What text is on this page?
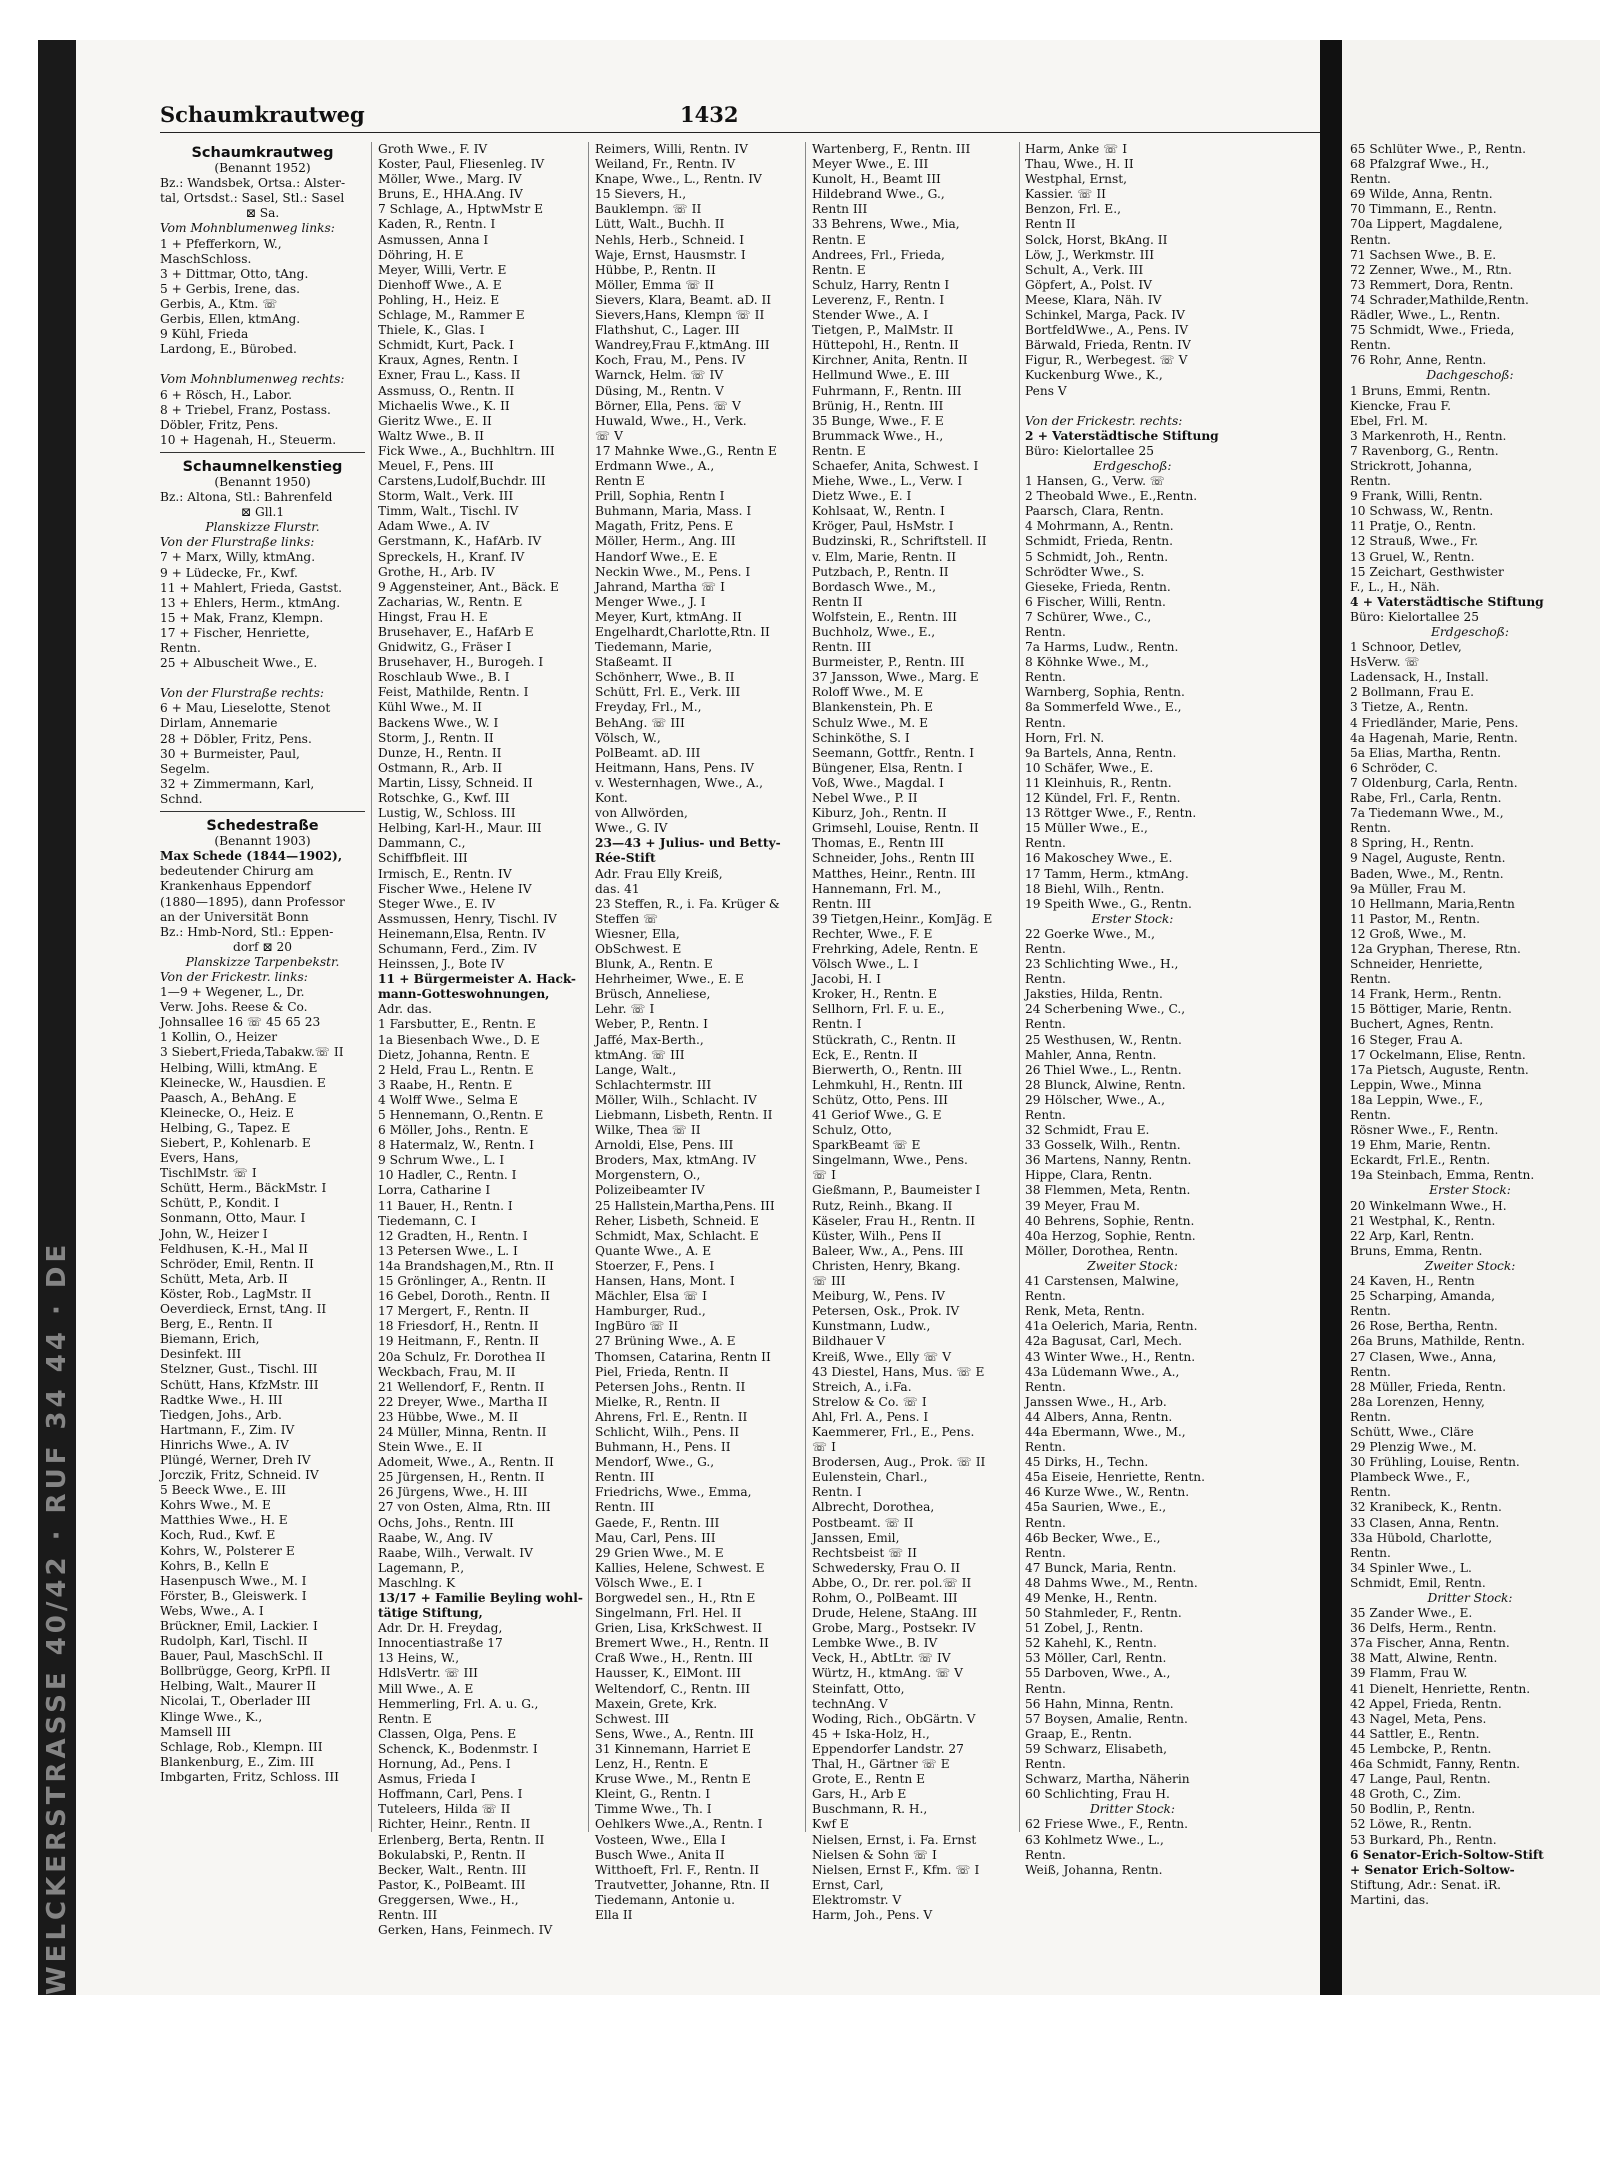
WELCKERSTRASSE 40/42 · RUF 34 44 · DE
Schaumkrautweg	1432
Schaumkrautweg
(Benannt 1952)
Bz.: Wandsbek, Ortsa.: Alster-
tal, Ortsdst.: Sasel, Stl.: Sasel
⊠ Sa.
Vom Mohnblumenweg links:
1 + Pfefferkorn, W.,
MaschSchloss.
3 + Dittmar, Otto, tAng.
5 + Gerbis, Irene, das.
Gerbis, A., Ktm. ☏
Gerbis, Ellen, ktmAng.
9 Kühl, Frieda
Lardong, E., Bürobed.
Vom Mohnblumenweg rechts:
6 + Rösch, H., Labor.
8 + Triebel, Franz, Postass.
Döbler, Fritz, Pens.
10 + Hagenah, H., Steuerm.
Schaumnelkenstieg
(Benannt 1950)
Bz.: Altona, Stl.: Bahrenfeld
⊠ Gll.1
Planskizze Flurstr.
Von der Flurstraße links:
7 + Marx, Willy, ktmAng.
9 + Lüdecke, Fr., Kwf.
11 + Mahlert, Frieda, Gastst.
13 + Ehlers, Herm., ktmAng.
15 + Mak, Franz, Klempn.
17 + Fischer, Henriette,
Rentn.
25 + Albuscheit Wwe., E.
Von der Flurstraße rechts:
6 + Mau, Lieselotte, Stenot
Dirlam, Annemarie
28 + Döbler, Fritz, Pens.
30 + Burmeister, Paul,
Segelm.
32 + Zimmermann, Karl,
Schnd.
Schedestraße
(Benannt 1903)
Max Schede (1844—1902),
bedeutender Chirurg am
Krankenhaus Eppendorf
(1880—1895), dann Professor
an der Universität Bonn
Bz.: Hmb-Nord, Stl.: Eppen-
dorf ⊠ 20
Planskizze Tarpenbekstr.
Von der Frickestr. links:
1—9 + Wegener, L., Dr.
Verw. Johs. Reese & Co.
Johnsallee 16 ☏ 45 65 23
1 Kollin, O., Heizer
3 Siebert,Frieda,Tabakw.☏ II
Helbing, Willi, ktmAng. E
Kleinecke, W., Hausdien. E
Paasch, A., BehAng. E
Kleinecke, O., Heiz. E
Helbing, G., Tapez. E
Siebert, P., Kohlenarb. E
Evers, Hans,
TischlMstr. ☏ I
Schütt, Herm., BäckMstr. I
Schütt, P., Kondit. I
Sonmann, Otto, Maur. I
John, W., Heizer I
Feldhusen, K.-H., Mal II
Schröder, Emil, Rentn. II
Schütt, Meta, Arb. II
Köster, Rob., LagMstr. II
Oeverdieck, Ernst, tAng. II
Berg, E., Rentn. II
Biemann, Erich,
Desinfekt. III
Stelzner, Gust., Tischl. III
Schütt, Hans, KfzMstr. III
Radtke Wwe., H. III
Tiedgen, Johs., Arb.
Hartmann, F., Zim. IV
Hinrichs Wwe., A. IV
Plüngé, Werner, Dreh IV
Jorczik, Fritz, Schneid. IV
5 Beeck Wwe., E. III
Kohrs Wwe., M. E
Matthies Wwe., H. E
Koch, Rud., Kwf. E
Kohrs, W., Polsterer E
Kohrs, B., Kelln E
Hasenpusch Wwe., M. I
Förster, B., Gleiswerk. I
Webs, Wwe., A. I
Brückner, Emil, Lackier. I
Rudolph, Karl, Tischl. II
Bauer, Paul, MaschSchl. II
Bollbrügge, Georg, KrPfl. II
Helbing, Walt., Maurer II
Nicolai, T., Oberlader III
Klinge Wwe., K.,
Mamsell III
Schlage, Rob., Klempn. III
Blankenburg, E., Zim. III
Imbgarten, Fritz, Schloss. III
Groth Wwe., F. IV
Koster, Paul, Fliesenleg. IV
Möller, Wwe., Marg. IV
Bruns, E., HHA.Ang. IV
7 Schlage, A., HptwMstr E
Kaden, R., Rentn. I
Asmussen, Anna I
Döhring, H. E
Meyer, Willi, Vertr. E
Dienhoff Wwe., A. E
Pohling, H., Heiz. E
Schlage, M., Rammer E
Thiele, K., Glas. I
Schmidt, Kurt, Pack. I
Kraux, Agnes, Rentn. I
Exner, Frau L., Kass. II
Assmuss, O., Rentn. II
Michaelis Wwe., K. II
Gieritz Wwe., E. II
Waltz Wwe., B. II
Fick Wwe., A., Buchhltrn. III
Meuel, F., Pens. III
Carstens,Ludolf,Buchdr. III
Storm, Walt., Verk. III
Timm, Walt., Tischl. IV
Adam Wwe., A. IV
Gerstmann, K., HafArb. IV
Spreckels, H., Kranf. IV
Grothe, H., Arb. IV
9 Aggensteiner, Ant., Bäck. E
Zacharias, W., Rentn. E
Hingst, Frau H. E
Brusehaver, E., HafArb E
Gnidwitz, G., Fräser I
Brusehaver, H., Burogeh. I
Roschlaub Wwe., B. I
Feist, Mathilde, Rentn. I
Kühl Wwe., M. II
Backens Wwe., W. I
Storm, J., Rentn. II
Dunze, H., Rentn. II
Ostmann, R., Arb. II
Martin, Lissy, Schneid. II
Rotschke, G., Kwf. III
Lustig, W., Schloss. III
Helbing, Karl-H., Maur. III
Dammann, C.,
Schiffbfleit. III
Irmisch, E., Rentn. IV
Fischer Wwe., Helene IV
Steger Wwe., E. IV
Assmussen, Henry, Tischl. IV
Heinemann,Elsa, Rentn. IV
Schumann, Ferd., Zim. IV
Heinssen, J., Bote IV
11 + Bürgermeister A. Hack-
mann-Gotteswohnungen,
Adr. das.
1 Farsbutter, E., Rentn. E
1a Biesenbach Wwe., D. E
Dietz, Johanna, Rentn. E
2 Held, Frau L., Rentn. E
3 Raabe, H., Rentn. E
4 Wolff Wwe., Selma E
5 Hennemann, O.,Rentn. E
6 Möller, Johs., Rentn. E
8 Hatermalz, W., Rentn. I
9 Schrum Wwe., L. I
10 Hadler, C., Rentn. I
Lorra, Catharine I
11 Bauer, H., Rentn. I
Tiedemann, C. I
12 Gradten, H., Rentn. I
13 Petersen Wwe., L. I
14a Brandshagen,M., Rtn. II
15 Grönlinger, A., Rentn. II
16 Gebel, Doroth., Rentn. II
17 Mergert, F., Rentn. II
18 Friesdorf, H., Rentn. II
19 Heitmann, F., Rentn. II
20a Schulz, Fr. Dorothea II
Weckbach, Frau, M. II
21 Wellendorf, F., Rentn. II
22 Dreyer, Wwe., Martha II
23 Hübbe, Wwe., M. II
24 Müller, Minna, Rentn. II
Stein Wwe., E. II
Adomeit, Wwe., A., Rentn. II
25 Jürgensen, H., Rentn. II
26 Jürgens, Wwe., H. III
27 von Osten, Alma, Rtn. III
Ochs, Johs., Rentn. III
Raabe, W., Ang. IV
Raabe, Wilh., Verwalt. IV
Lagemann, P.,
Maschlng. K
13/17 + Familie Beyling wohl-
tätige Stiftung,
Adr. Dr. H. Freydag,
Innocentiastraße 17
13 Heins, W.,
HdlsVertr. ☏ III
Mill Wwe., A. E
Hemmerling, Frl. A. u. G.,
Rentn. E
Classen, Olga, Pens. E
Schenck, K., Bodenmstr. I
Hornung, Ad., Pens. I
Asmus, Frieda I
Hoffmann, Carl, Pens. I
Tuteleers, Hilda ☏ II
Richter, Heinr., Rentn. II
Erlenberg, Berta, Rentn. II
Bokulabski, P., Rentn. II
Becker, Walt., Rentn. III
Pastor, K., PolBeamt. III
Greggersen, Wwe., H.,
Rentn. III
Gerken, Hans, Feinmech. IV
Reimers, Willi, Rentn. IV
Weiland, Fr., Rentn. IV
Knape, Wwe., L., Rentn. IV
15 Sievers, H.,
Bauklempn. ☏ II
Lütt, Walt., Buchh. II
Nehls, Herb., Schneid. I
Waje, Ernst, Hausmstr. I
Hübbe, P., Rentn. II
Möller, Emma ☏ II
Sievers, Klara, Beamt. aD. II
Sievers,Hans, Klempn ☏ II
Flathshut, C., Lager. III
Wandrey,Frau F.,ktmAng. III
Koch, Frau, M., Pens. IV
Warnck, Helm. ☏ IV
Düsing, M., Rentn. V
Börner, Ella, Pens. ☏ V
Huwald, Wwe., H., Verk.
☏ V
17 Mahnke Wwe.,G., Rentn E
Erdmann Wwe., A.,
Rentn E
Prill, Sophia, Rentn I
Buhmann, Maria, Mass. I
Magath, Fritz, Pens. E
Möller, Herm., Ang. III
Handorf Wwe., E. E
Neckin Wwe., M., Pens. I
Jahrand, Martha ☏ I
Menger Wwe., J. I
Meyer, Kurt, ktmAng. II
Engelhardt,Charlotte,Rtn. II
Tiedemann, Marie,
Staßeamt. II
Schönherr, Wwe., B. II
Schütt, Frl. E., Verk. III
Freyday, Frl., M.,
BehAng. ☏ III
Völsch, W.,
PolBeamt. aD. III
Heitmann, Hans, Pens. IV
v. Westernhagen, Wwe., A.,
Kont.
von Allwörden,
Wwe., G. IV
23—43 + Julius- und Betty-
Rée-Stift
Adr. Frau Elly Kreiß,
das. 41
23 Steffen, R., i. Fa. Krüger &
Steffen ☏
Wiesner, Ella,
ObSchwest. E
Blunk, A., Rentn. E
Hehrheimer, Wwe., E. E
Brüsch, Anneliese,
Lehr. ☏ I
Weber, P., Rentn. I
Jaffé, Max-Berth.,
ktmAng. ☏ III
Lange, Walt.,
Schlachtermstr. III
Möller, Wilh., Schlacht. IV
Liebmann, Lisbeth, Rentn. II
Wilke, Thea ☏ II
Arnoldi, Else, Pens. III
Broders, Max, ktmAng. IV
Morgenstern, O.,
Polizeibeamter IV
25 Hallstein,Martha,Pens. III
Reher, Lisbeth, Schneid. E
Schmidt, Max, Schlacht. E
Quante Wwe., A. E
Stoerzer, F., Pens. I
Hansen, Hans, Mont. I
Mächler, Elsa ☏ I
Hamburger, Rud.,
IngBüro ☏ II
27 Brüning Wwe., A. E
Thomsen, Catarina, Rentn II
Piel, Frieda, Rentn. II
Petersen Johs., Rentn. II
Mielke, R., Rentn. II
Ahrens, Frl. E., Rentn. II
Schlicht, Wilh., Pens. II
Buhmann, H., Pens. II
Mendorf, Wwe., G.,
Rentn. III
Friedrichs, Wwe., Emma,
Rentn. III
Gaede, F., Rentn. III
Mau, Carl, Pens. III
29 Grien Wwe., M. E
Kallies, Helene, Schwest. E
Völsch Wwe., E. I
Borgwedel sen., H., Rtn E
Singelmann, Frl. Hel. II
Grien, Lisa, KrkSchwest. II
Bremert Wwe., H., Rentn. II
Craß Wwe., H., Rentn. III
Hausser, K., ElMont. III
Weltendorf, C., Rentn. III
Maxein, Grete, Krk.
Schwest. III
Sens, Wwe., A., Rentn. III
31 Kinnemann, Harriet E
Lenz, H., Rentn. E
Kruse Wwe., M., Rentn E
Kleint, G., Rentn. I
Timme Wwe., Th. I
Oehlkers Wwe.,A., Rentn. I
Vosteen, Wwe., Ella I
Busch Wwe., Anita II
Witthoeft, Frl. F., Rentn. II
Trautvetter, Johanne, Rtn. II
Tiedemann, Antonie u.
Ella II
Wartenberg, F., Rentn. III
Meyer Wwe., E. III
Kunolt, H., Beamt III
Hildebrand Wwe., G.,
Rentn III
33 Behrens, Wwe., Mia,
Rentn. E
Andrees, Frl., Frieda,
Rentn. E
Schulz, Harry, Rentn I
Leverenz, F., Rentn. I
Stender Wwe., A. I
Tietgen, P., MalMstr. II
Hüttepohl, H., Rentn. II
Kirchner, Anita, Rentn. II
Hellmund Wwe., E. III
Fuhrmann, F., Rentn. III
Brünig, H., Rentn. III
35 Bunge, Wwe., F. E
Brummack Wwe., H.,
Rentn. E
Schaefer, Anita, Schwest. I
Miehe, Wwe., L., Verw. I
Dietz Wwe., E. I
Kohlsaat, W., Rentn. I
Kröger, Paul, HsMstr. I
Budzinski, R., Schriftstell. II
v. Elm, Marie, Rentn. II
Putzbach, P., Rentn. II
Bordasch Wwe., M.,
Rentn II
Wolfstein, E., Rentn. III
Buchholz, Wwe., E.,
Rentn. III
Burmeister, P., Rentn. III
37 Jansson, Wwe., Marg. E
Roloff Wwe., M. E
Blankenstein, Ph. E
Schulz Wwe., M. E
Schinköthe, S. I
Seemann, Gottfr., Rentn. I
Büngener, Elsa, Rentn. I
Voß, Wwe., Magdal. I
Nebel Wwe., P. II
Kiburz, Joh., Rentn. II
Grimsehl, Louise, Rentn. II
Thomas, E., Rentn III
Schneider, Johs., Rentn III
Matthes, Heinr., Rentn. III
Hannemann, Frl. M.,
Rentn. III
39 Tietgen,Heinr., KomJäg. E
Rechter, Wwe., F. E
Frehrking, Adele, Rentn. E
Völsch Wwe., L. I
Jacobi, H. I
Kroker, H., Rentn. E
Sellhorn, Frl. F. u. E.,
Rentn. I
Stückrath, C., Rentn. II
Eck, E., Rentn. II
Bierwerth, O., Rentn. III
Lehmkuhl, H., Rentn. III
Schütz, Otto, Pens. III
41 Geriof Wwe., G. E
Schulz, Otto,
SparkBeamt ☏ E
Singelmann, Wwe., Pens.
☏ I
Gießmann, P., Baumeister I
Rutz, Reinh., Bkang. II
Käseler, Frau H., Rentn. II
Küster, Wilh., Pens II
Baleer, Ww., A., Pens. III
Christen, Henry, Bkang.
☏ III
Meiburg, W., Pens. IV
Petersen, Osk., Prok. IV
Kunstmann, Ludw.,
Bildhauer V
Kreiß, Wwe., Elly ☏ V
43 Diestel, Hans, Mus. ☏ E
Streich, A., i.Fa.
Strelow & Co. ☏ I
Ahl, Frl. A., Pens. I
Kaemmerer, Frl., E., Pens.
☏ I
Brodersen, Aug., Prok. ☏ II
Eulenstein, Charl.,
Rentn. I
Albrecht, Dorothea,
Postbeamt. ☏ II
Janssen, Emil,
Rechtsbeist ☏ II
Schwedersky, Frau O. II
Abbe, O., Dr. rer. pol.☏ II
Rohm, O., PolBeamt. III
Drude, Helene, StaAng. III
Grobe, Marg., Postsekr. IV
Lembke Wwe., B. IV
Veck, H., AbtLtr. ☏ IV
Würtz, H., ktmAng. ☏ V
Steinfatt, Otto,
technAng. V
Woding, Rich., ObGärtn. V
45 + Iska-Holz, H.,
Eppendorfer Landstr. 27
Thal, H., Gärtner ☏ E
Grote, E., Rentn E
Gars, H., Arb E
Buschmann, R. H.,
Kwf E
Nielsen, Ernst, i. Fa. Ernst
Nielsen & Sohn ☏ I
Nielsen, Ernst F., Kfm. ☏ I
Ernst, Carl,
Elektromstr. V
Harm, Joh., Pens. V
Harm, Anke ☏ I
Thau, Wwe., H. II
Westphal, Ernst,
Kassier. ☏ II
Benzon, Frl. E.,
Rentn II
Solck, Horst, BkAng. II
Löw, J., Werkmstr. III
Schult, A., Verk. III
Göpfert, A., Polst. IV
Meese, Klara, Näh. IV
Schinkel, Marga, Pack. IV
BortfeldWwe., A., Pens. IV
Bärwald, Frieda, Rentn. IV
Figur, R., Werbegest. ☏ V
Kuckenburg Wwe., K.,
Pens V
Von der Frickestr. rechts:
2 + Vaterstädtische Stiftung
Büro: Kielortallee 25
Erdgeschoß:
1 Hansen, G., Verw. ☏
2 Theobald Wwe., E.,Rentn.
Paarsch, Clara, Rentn.
4 Mohrmann, A., Rentn.
Schmidt, Frieda, Rentn.
5 Schmidt, Joh., Rentn.
Schrödter Wwe., S.
Gieseke, Frieda, Rentn.
6 Fischer, Willi, Rentn.
7 Schürer, Wwe., C.,
Rentn.
7a Harms, Ludw., Rentn.
8 Köhnke Wwe., M.,
Rentn.
Warnberg, Sophia, Rentn.
8a Sommerfeld Wwe., E.,
Rentn.
Horn, Frl. N.
9a Bartels, Anna, Rentn.
10 Schäfer, Wwe., E.
11 Kleinhuis, R., Rentn.
12 Kündel, Frl. F., Rentn.
13 Röttger Wwe., F., Rentn.
15 Müller Wwe., E.,
Rentn.
16 Makoschey Wwe., E.
17 Tamm, Herm., ktmAng.
18 Biehl, Wilh., Rentn.
19 Speith Wwe., G., Rentn.
Erster Stock:
22 Goerke Wwe., M.,
Rentn.
23 Schlichting Wwe., H.,
Rentn.
Jaksties, Hilda, Rentn.
24 Scherbening Wwe., C.,
Rentn.
25 Westhusen, W., Rentn.
Mahler, Anna, Rentn.
26 Thiel Wwe., L., Rentn.
28 Blunck, Alwine, Rentn.
29 Hölscher, Wwe., A.,
Rentn.
32 Schmidt, Frau E.
33 Gosselk, Wilh., Rentn.
36 Martens, Nanny, Rentn.
Hippe, Clara, Rentn.
38 Flemmen, Meta, Rentn.
39 Meyer, Frau M.
40 Behrens, Sophie, Rentn.
40a Herzog, Sophie, Rentn.
Möller, Dorothea, Rentn.
Zweiter Stock:
41 Carstensen, Malwine,
Rentn.
Renk, Meta, Rentn.
41a Oelerich, Maria, Rentn.
42a Bagusat, Carl, Mech.
43 Winter Wwe., H., Rentn.
43a Lüdemann Wwe., A.,
Rentn.
Janssen Wwe., H., Arb.
44 Albers, Anna, Rentn.
44a Ebermann, Wwe., M.,
Rentn.
45 Dirks, H., Techn.
45a Eiseie, Henriette, Rentn.
46 Kurze Wwe., W., Rentn.
45a Saurien, Wwe., E.,
Rentn.
46b Becker, Wwe., E.,
Rentn.
47 Bunck, Maria, Rentn.
48 Dahms Wwe., M., Rentn.
49 Menke, H., Rentn.
50 Stahmleder, F., Rentn.
51 Zobel, J., Rentn.
52 Kahehl, K., Rentn.
53 Möller, Carl, Rentn.
55 Darboven, Wwe., A.,
Rentn.
56 Hahn, Minna, Rentn.
57 Boysen, Amalie, Rentn.
Graap, E., Rentn.
59 Schwarz, Elisabeth,
Rentn.
Schwarz, Martha, Näherin
60 Schlichting, Frau H.
Dritter Stock:
62 Friese Wwe., F., Rentn.
63 Kohlmetz Wwe., L.,
Rentn.
Weiß, Johanna, Rentn.
65 Schlüter Wwe., P., Rentn.
68 Pfalzgraf Wwe., H.,
Rentn.
69 Wilde, Anna, Rentn.
70 Timmann, E., Rentn.
70a Lippert, Magdalene,
Rentn.
71 Sachsen Wwe., B. E.
72 Zenner, Wwe., M., Rtn.
73 Remmert, Dora, Rentn.
74 Schrader,Mathilde,Rentn.
Rädler, Wwe., L., Rentn.
75 Schmidt, Wwe., Frieda,
Rentn.
76 Rohr, Anne, Rentn.
Dachgeschoß:
1 Bruns, Emmi, Rentn.
Kiencke, Frau F.
Ebel, Frl. M.
3 Markenroth, H., Rentn.
7 Ravenborg, G., Rentn.
Strickrott, Johanna,
Rentn.
9 Frank, Willi, Rentn.
10 Schwass, W., Rentn.
11 Pratje, O., Rentn.
12 Strauß, Wwe., Fr.
13 Gruel, W., Rentn.
15 Zeichart, Gesthwister
F., L., H., Näh.
4 + Vaterstädtische Stiftung
Büro: Kielortallee 25
Erdgeschoß:
1 Schnoor, Detlev,
HsVerw. ☏
Ladensack, H., Install.
2 Bollmann, Frau E.
3 Tietze, A., Rentn.
4 Friedländer, Marie, Pens.
4a Hagenah, Marie, Rentn.
5a Elias, Martha, Rentn.
6 Schröder, C.
7 Oldenburg, Carla, Rentn.
Rabe, Frl., Carla, Rentn.
7a Tiedemann Wwe., M.,
Rentn.
8 Spring, H., Rentn.
9 Nagel, Auguste, Rentn.
Baden, Wwe., M., Rentn.
9a Müller, Frau M.
10 Hellmann, Maria,Rentn
11 Pastor, M., Rentn.
12 Groß, Wwe., M.
12a Gryphan, Therese, Rtn.
Schneider, Henriette,
Rentn.
14 Frank, Herm., Rentn.
15 Böttiger, Marie, Rentn.
Buchert, Agnes, Rentn.
16 Steger, Frau A.
17 Ockelmann, Elise, Rentn.
17a Pietsch, Auguste, Rentn.
Leppin, Wwe., Minna
18a Leppin, Wwe., F.,
Rentn.
Rösner Wwe., F., Rentn.
19 Ehm, Marie, Rentn.
Eckardt, Frl.E., Rentn.
19a Steinbach, Emma, Rentn.
Erster Stock:
20 Winkelmann Wwe., H.
21 Westphal, K., Rentn.
22 Arp, Karl, Rentn.
Bruns, Emma, Rentn.
Zweiter Stock:
24 Kaven, H., Rentn
25 Scharping, Amanda,
Rentn.
26 Rose, Bertha, Rentn.
26a Bruns, Mathilde, Rentn.
27 Clasen, Wwe., Anna,
Rentn.
28 Müller, Frieda, Rentn.
28a Lorenzen, Henny,
Rentn.
Schütt, Wwe., Cläre
29 Plenzig Wwe., M.
30 Frühling, Louise, Rentn.
Plambeck Wwe., F.,
Rentn.
32 Kranibeck, K., Rentn.
33 Clasen, Anna, Rentn.
33a Hübold, Charlotte,
Rentn.
34 Spinler Wwe., L.
Schmidt, Emil, Rentn.
Dritter Stock:
35 Zander Wwe., E.
36 Delfs, Herm., Rentn.
37a Fischer, Anna, Rentn.
38 Matt, Alwine, Rentn.
39 Flamm, Frau W.
41 Dienelt, Henriette, Rentn.
42 Appel, Frieda, Rentn.
43 Nagel, Meta, Pens.
44 Sattler, E., Rentn.
45 Lembcke, P., Rentn.
46a Schmidt, Fanny, Rentn.
47 Lange, Paul, Rentn.
48 Groth, C., Zim.
50 Bodlin, P., Rentn.
52 Löwe, R., Rentn.
53 Burkard, Ph., Rentn.
6 Senator-Erich-Soltow-Stift
+ Senator Erich-Soltow-
Stiftung, Adr.: Senat. iR.
Martini, das.
